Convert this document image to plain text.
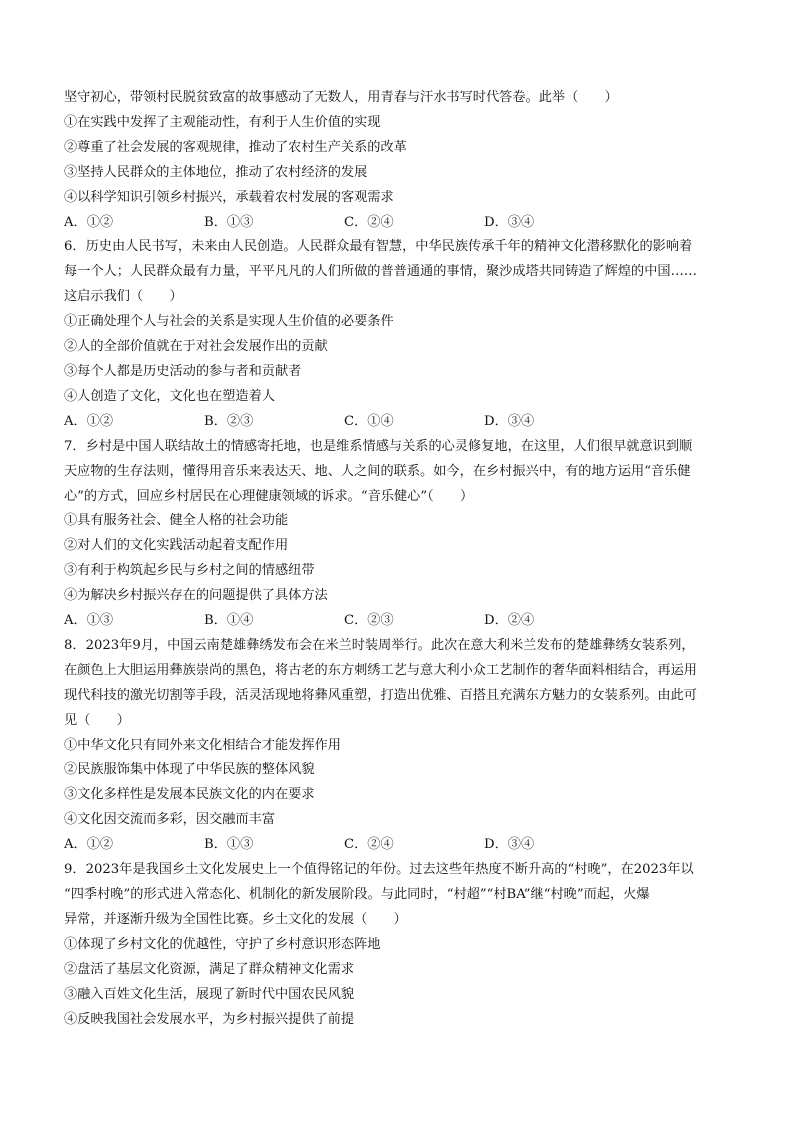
坚守初心，带领村民脱贫致富的故事感动了无数人，用青春与汗水书写时代答卷。此举（　　）
①在实践中发挥了主观能动性，有利于人生价值的实现
②尊重了社会发展的客观规律，推动了农村生产关系的改革
③坚持人民群众的主体地位，推动了农村经济的发展
④以科学知识引领乡村振兴，承载着农村发展的客观需求
A．①②	B．①③	C．②④	D．③④
6．历史由人民书写，未来由人民创造。人民群众最有智慧，中华民族传承千年的精神文化潜移默化的影响着
每一个人；人民群众最有力量，平平凡凡的人们所做的普普通通的事情，聚沙成塔共同铸造了辉煌的中国……
这启示我们（　　）
①正确处理个人与社会的关系是实现人生价值的必要条件
②人的全部价值就在于对社会发展作出的贡献
③每个人都是历史活动的参与者和贡献者
④人创造了文化，文化也在塑造着人
A．①②	B．②③	C．①④	D．③④
7．乡村是中国人联结故土的情感寄托地，也是维系情感与关系的心灵修复地，在这里，人们很早就意识到顺
天应物的生存法则，懂得用音乐来表达天、地、人之间的联系。如今，在乡村振兴中，有的地方运用“音乐健
心”的方式，回应乡村居民在心理健康领域的诉求。“音乐健心”（　　）
①具有服务社会、健全人格的社会功能
②对人们的文化实践活动起着支配作用
③有利于构筑起乡民与乡村之间的情感纽带
④为解决乡村振兴存在的问题提供了具体方法
A．①③	B．①④	C．②③	D．②④
8．2023年9月，中国云南楚雄彝绣发布会在米兰时装周举行。此次在意大利米兰发布的楚雄彝绣女装系列，
在颜色上大胆运用彝族崇尚的黑色，将古老的东方刺绣工艺与意大利小众工艺制作的奢华面料相结合，再运用
现代科技的激光切割等手段，活灵活现地将彝风重塑，打造出优雅、百搭且充满东方魅力的女装系列。由此可
见（　　）
①中华文化只有同外来文化相结合才能发挥作用
②民族服饰集中体现了中华民族的整体风貌
③文化多样性是发展本民族文化的内在要求
④文化因交流而多彩，因交融而丰富
A．①②	B．①③	C．②④	D．③④
9．2023年是我国乡土文化发展史上一个值得铭记的年份。过去这些年热度不断升高的“村晚”，在2023年以
“四季村晚”的形式进入常态化、机制化的新发展阶段。与此同时，“村超”“村BA”继“村晚”而起，火爆
异常，并逐渐升级为全国性比赛。乡土文化的发展（　　）
①体现了乡村文化的优越性，守护了乡村意识形态阵地
②盘活了基层文化资源，满足了群众精神文化需求
③融入百姓文化生活，展现了新时代中国农民风貌
④反映我国社会发展水平，为乡村振兴提供了前提
